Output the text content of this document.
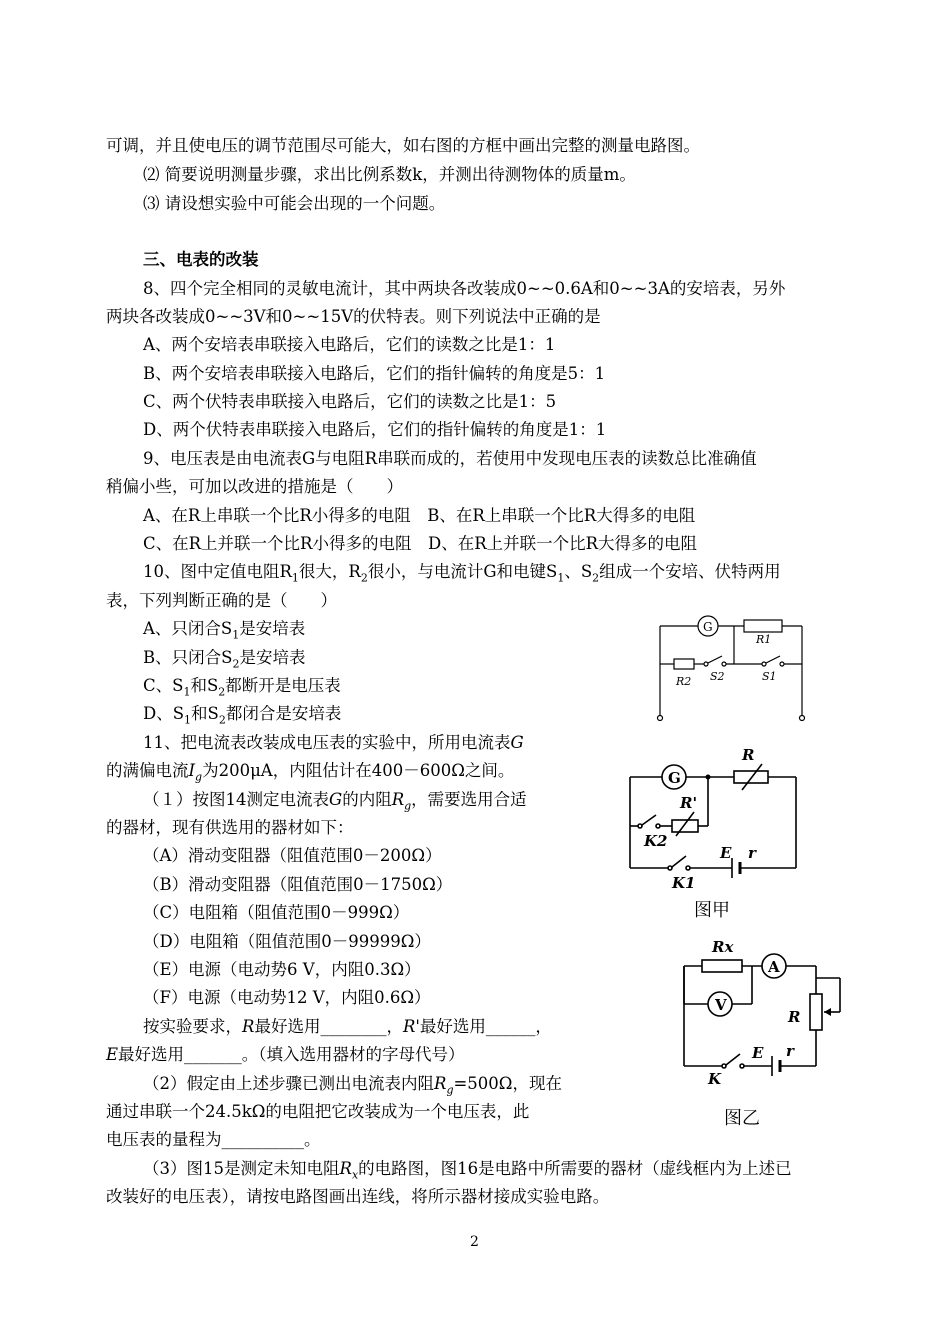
可调，并且使电压的调节范围尽可能大，如右图的方框中画出完整的测量电路图。
⑵ 简要说明测量步骤，求出比例系数k，并测出待测物体的质量m。
⑶ 请设想实验中可能会出现的一个问题。
三、电表的改装
8、四个完全相同的灵敏电流计，其中两块各改装成0~~0.6A和0~~3A的安培表，另外
两块各改装成0~~3V和0~~15V的伏特表。则下列说法中正确的是
A、两个安培表串联接入电路后，它们的读数之比是1：1
B、两个安培表串联接入电路后，它们的指针偏转的角度是5：1
C、两个伏特表串联接入电路后，它们的读数之比是1：5
D、两个伏特表串联接入电路后，它们的指针偏转的角度是1：1
9、电压表是由电流表G与电阻R串联而成的，若使用中发现电压表的读数总比准确值
稍偏小些，可加以改进的措施是（　　）
A、在R上串联一个比R小得多的电阻　B、在R上串联一个比R大得多的电阻
C、在R上并联一个比R小得多的电阻　D、在R上并联一个比R大得多的电阻
10、图中定值电阻$R_1$很大，$R_2$很小，与电流计G和电键$S_1$、$S_2$组成一个安培、伏特两用
表，下列判断正确的是（　　）
A、只闭合$S_1$是安培表
B、只闭合$S_2$是安培表
C、$S_1$和$S_2$都断开是电压表
D、$S_1$和$S_2$都闭合是安培表
11、把电流表改装成电压表的实验中，所用电流表G
的满偏电流$I_g$为200μA，内阻估计在400－600Ω之间。
（１）按图14测定电流表G的内阻$R_g$，需要选用合适
的器材，现有供选用的器材如下：
（A）滑动变阻器（阻值范围0－200Ω）
（B）滑动变阻器（阻值范围0－1750Ω）
（C）电阻箱（阻值范围0－999Ω）
（D）电阻箱（阻值范围0－99999Ω）
（E）电源（电动势6 V，内阻0.3Ω）
（F）电源（电动势12 V，内阻0.6Ω）
按实验要求，R最好选用________，R'最好选用______，
E最好选用_______。（填入选用器材的字母代号）
（2）假定由上述步骤已测出电流表内阻$R_g=500\Omega$，现在
通过串联一个24.5kΩ的电阻把它改装成为一个电压表，此
电压表的量程为__________。
（3）图15是测定未知电阻$R_x$的电路图，图16是电路中所需要的器材（虚线框内为上述已
改装好的电压表），请按电路图画出连线，将所示器材接成实验电路。
G
R1
R2 S2	S1
G
R
R'
K2
E r
K1
图甲
Rx
A
V
R
E r
K
图乙
2
